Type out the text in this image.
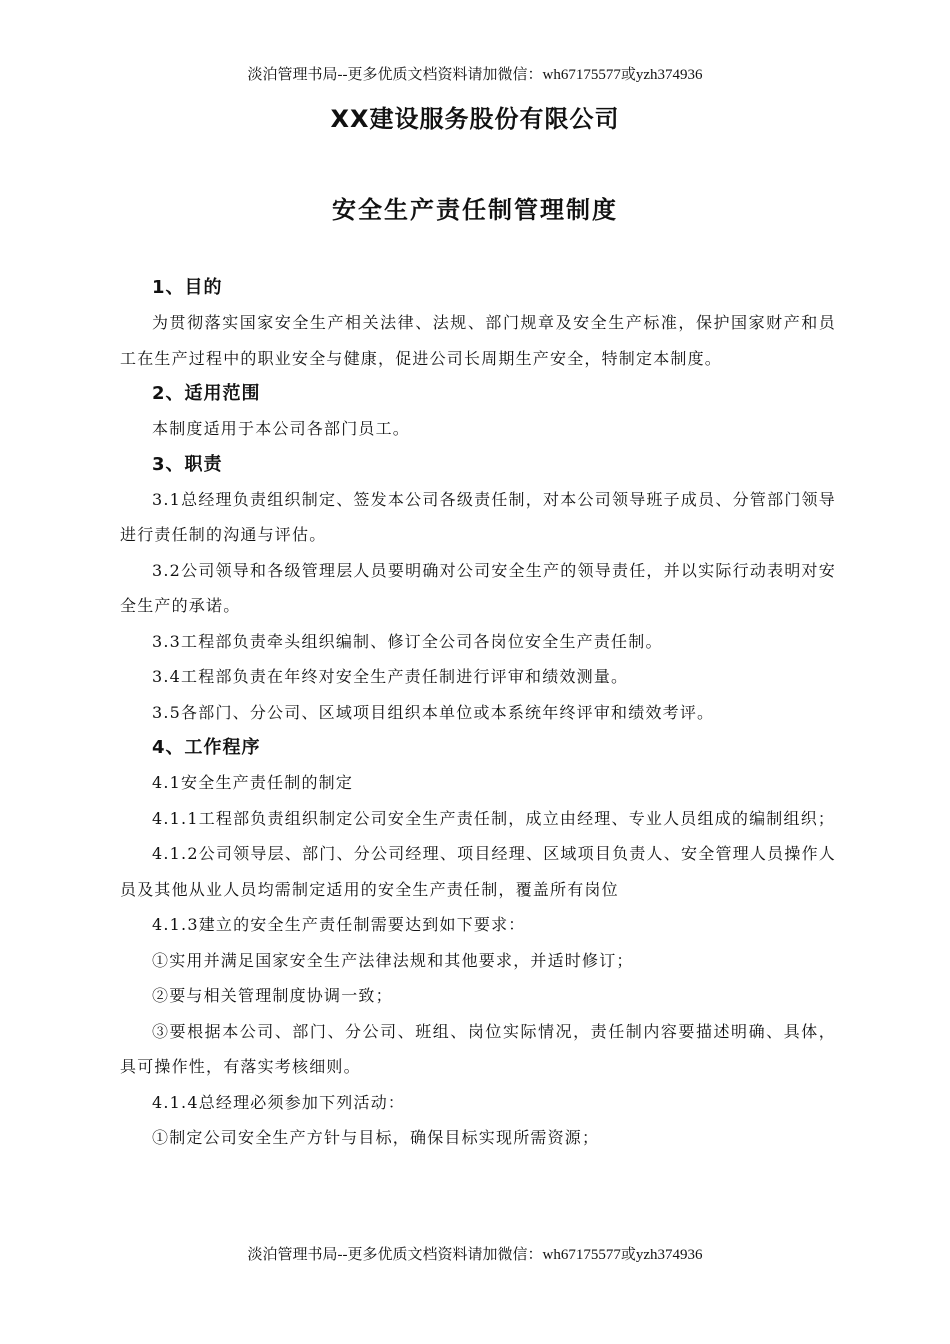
淡泊管理书局--更多优质文档资料请加微信：wh67175577或yzh374936
XX建设服务股份有限公司
安全生产责任制管理制度
1、目的
为贯彻落实国家安全生产相关法律、法规、部门规章及安全生产标准，保护国家财产和员工在生产过程中的职业安全与健康，促进公司长周期生产安全，特制定本制度。
2、适用范围
本制度适用于本公司各部门员工。
3、职责
3.1总经理负责组织制定、签发本公司各级责任制，对本公司领导班子成员、分管部门领导进行责任制的沟通与评估。
3.2公司领导和各级管理层人员要明确对公司安全生产的领导责任，并以实际行动表明对安全生产的承诺。
3.3工程部负责牵头组织编制、修订全公司各岗位安全生产责任制。
3.4工程部负责在年终对安全生产责任制进行评审和绩效测量。
3.5各部门、分公司、区域项目组织本单位或本系统年终评审和绩效考评。
4、工作程序
4.1安全生产责任制的制定
4.1.1工程部负责组织制定公司安全生产责任制，成立由经理、专业人员组成的编制组织；
4.1.2公司领导层、部门、分公司经理、项目经理、区域项目负责人、安全管理人员操作人员及其他从业人员均需制定适用的安全生产责任制，覆盖所有岗位
4.1.3建立的安全生产责任制需要达到如下要求：
①实用并满足国家安全生产法律法规和其他要求，并适时修订；
②要与相关管理制度协调一致；
③要根据本公司、部门、分公司、班组、岗位实际情况，责任制内容要描述明确、具体，具可操作性，有落实考核细则。
4.1.4总经理必须参加下列活动：
①制定公司安全生产方针与目标，确保目标实现所需资源；
淡泊管理书局--更多优质文档资料请加微信：wh67175577或yzh374936
